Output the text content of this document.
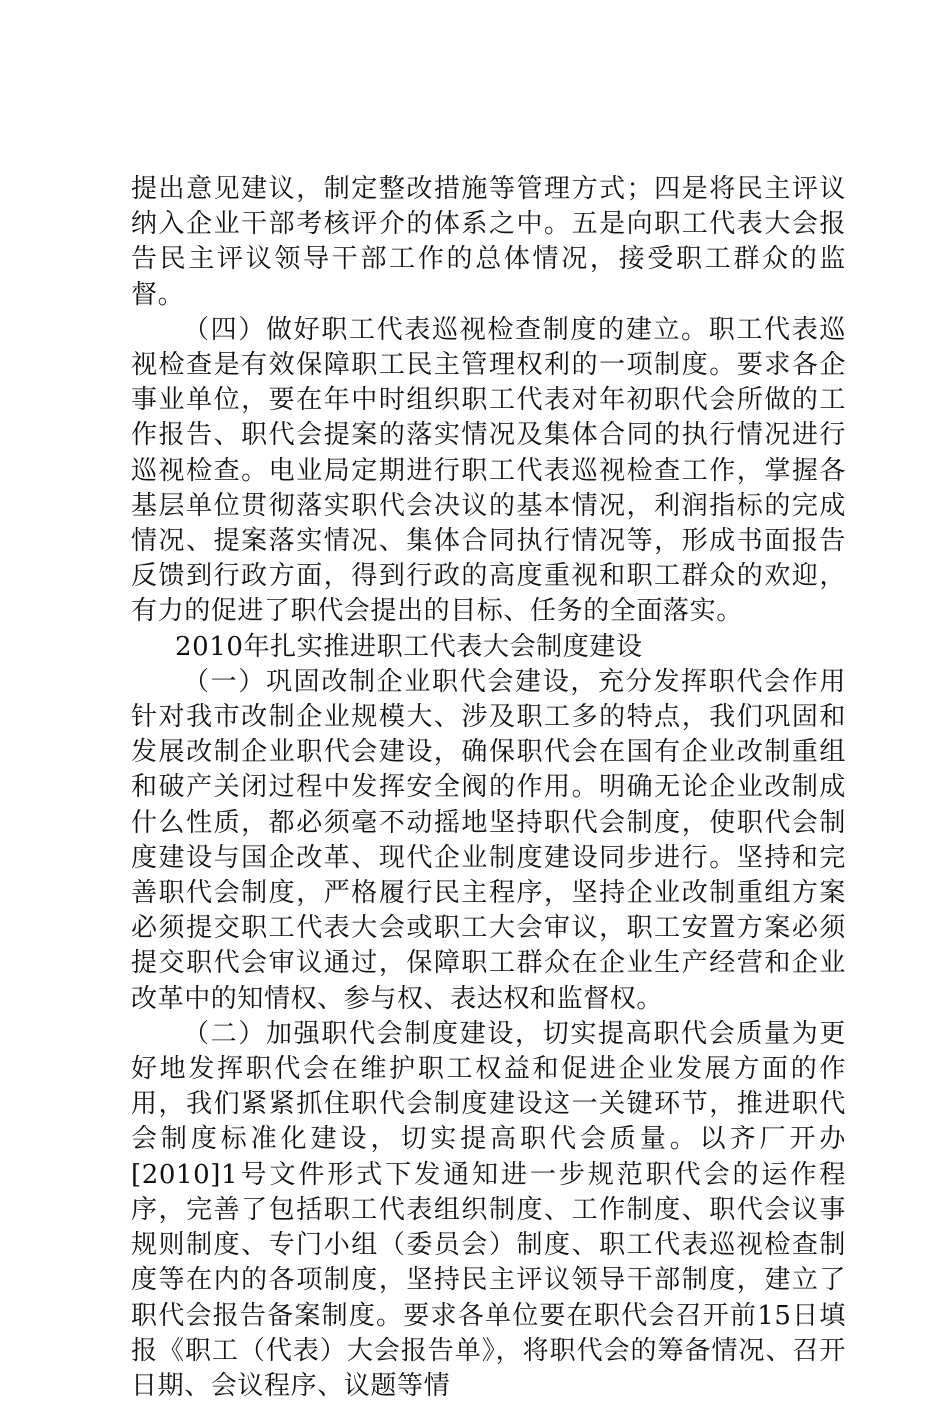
提出意见建议，制定整改措施等管理方式；四是将民主评议纳入企业干部考核评介的体系之中。五是向职工代表大会报告民主评议领导干部工作的总体情况，接受职工群众的监督。

（四）做好职工代表巡视检查制度的建立。职工代表巡视检查是有效保障职工民主管理权利的一项制度。要求各企事业单位，要在年中时组织职工代表对年初职代会所做的工作报告、职代会提案的落实情况及集体合同的执行情况进行巡视检查。电业局定期进行职工代表巡视检查工作，掌握各基层单位贯彻落实职代会决议的基本情况，利润指标的完成情况、提案落实情况、集体合同执行情况等，形成书面报告反馈到行政方面，得到行政的高度重视和职工群众的欢迎，有力的促进了职代会提出的目标、任务的全面落实。

2010年扎实推进职工代表大会制度建设

（一）巩固改制企业职代会建设，充分发挥职代会作用针对我市改制企业规模大、涉及职工多的特点，我们巩固和发展改制企业职代会建设，确保职代会在国有企业改制重组和破产关闭过程中发挥安全阀的作用。明确无论企业改制成什么性质，都必须毫不动摇地坚持职代会制度，使职代会制度建设与国企改革、现代企业制度建设同步进行。坚持和完善职代会制度，严格履行民主程序，坚持企业改制重组方案必须提交职工代表大会或职工大会审议，职工安置方案必须提交职代会审议通过，保障职工群众在企业生产经营和企业改革中的知情权、参与权、表达权和监督权。

（二）加强职代会制度建设，切实提高职代会质量为更好地发挥职代会在维护职工权益和促进企业发展方面的作用，我们紧紧抓住职代会制度建设这一关键环节，推进职代会制度标准化建设，切实提高职代会质量。以齐厂开办[2010]1号文件形式下发通知进一步规范职代会的运作程序，完善了包括职工代表组织制度、工作制度、职代会议事规则制度、专门小组（委员会）制度、职工代表巡视检查制度等在内的各项制度，坚持民主评议领导干部制度，建立了职代会报告备案制度。要求各单位要在职代会召开前15日填报《职工（代表）大会报告单》，将职代会的筹备情况、召开日期、会议程序、议题等情
